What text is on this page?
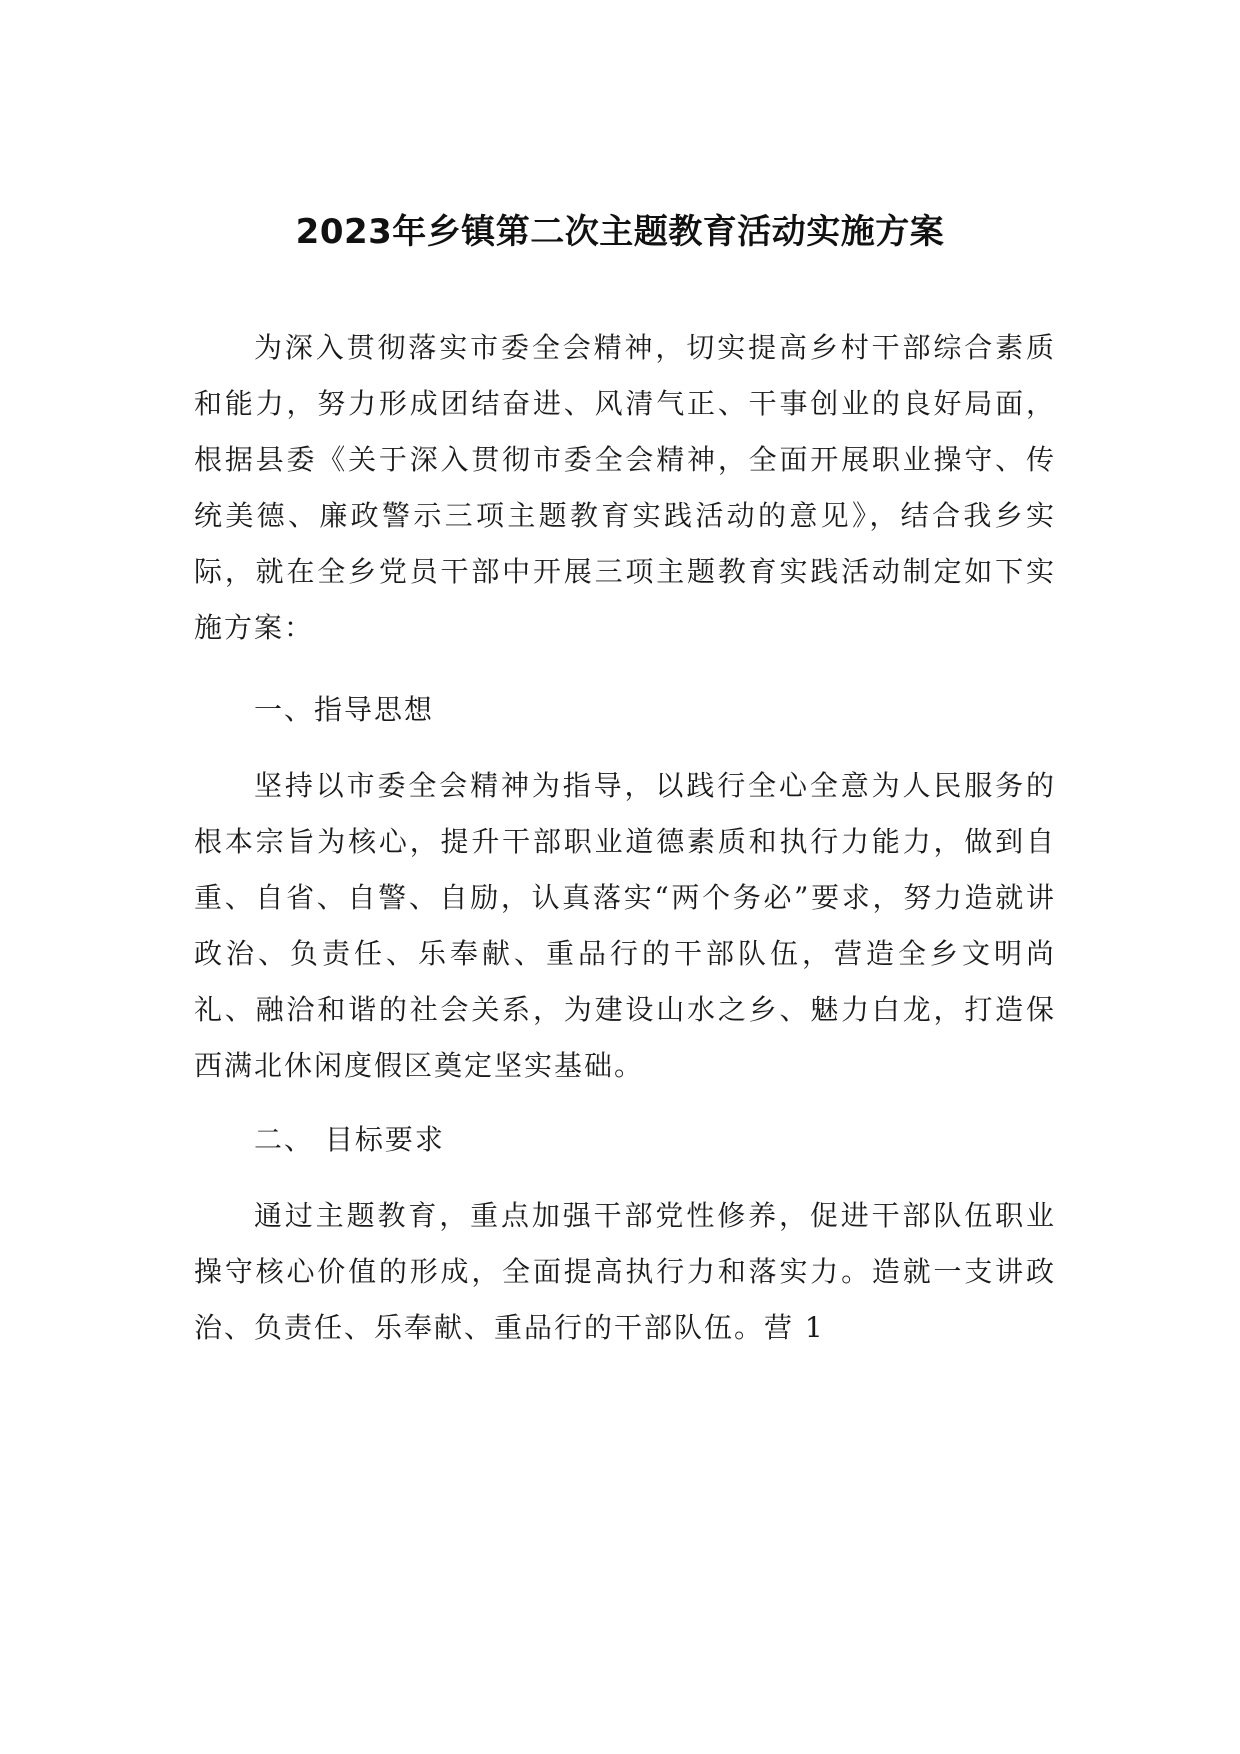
2023年乡镇第二次主题教育活动实施方案

为深入贯彻落实市委全会精神，切实提高乡村干部综合素质和能力，努力形成团结奋进、风清气正、干事创业的良好局面，根据县委《关于深入贯彻市委全会精神，全面开展职业操守、传统美德、廉政警示三项主题教育实践活动的意见》，结合我乡实际，就在全乡党员干部中开展三项主题教育实践活动制定如下实施方案：

一、指导思想

坚持以市委全会精神为指导，以践行全心全意为人民服务的根本宗旨为核心，提升干部职业道德素质和执行力能力，做到自重、自省、自警、自励，认真落实“两个务必”要求，努力造就讲政治、负责任、乐奉献、重品行的干部队伍，营造全乡文明尚礼、融洽和谐的社会关系，为建设山水之乡、魅力白龙，打造保西满北休闲度假区奠定坚实基础。

二、 目标要求

通过主题教育，重点加强干部党性修养，促进干部队伍职业操守核心价值的形成，全面提高执行力和落实力。造就一支讲政治、负责任、乐奉献、重品行的干部队伍。营 1
